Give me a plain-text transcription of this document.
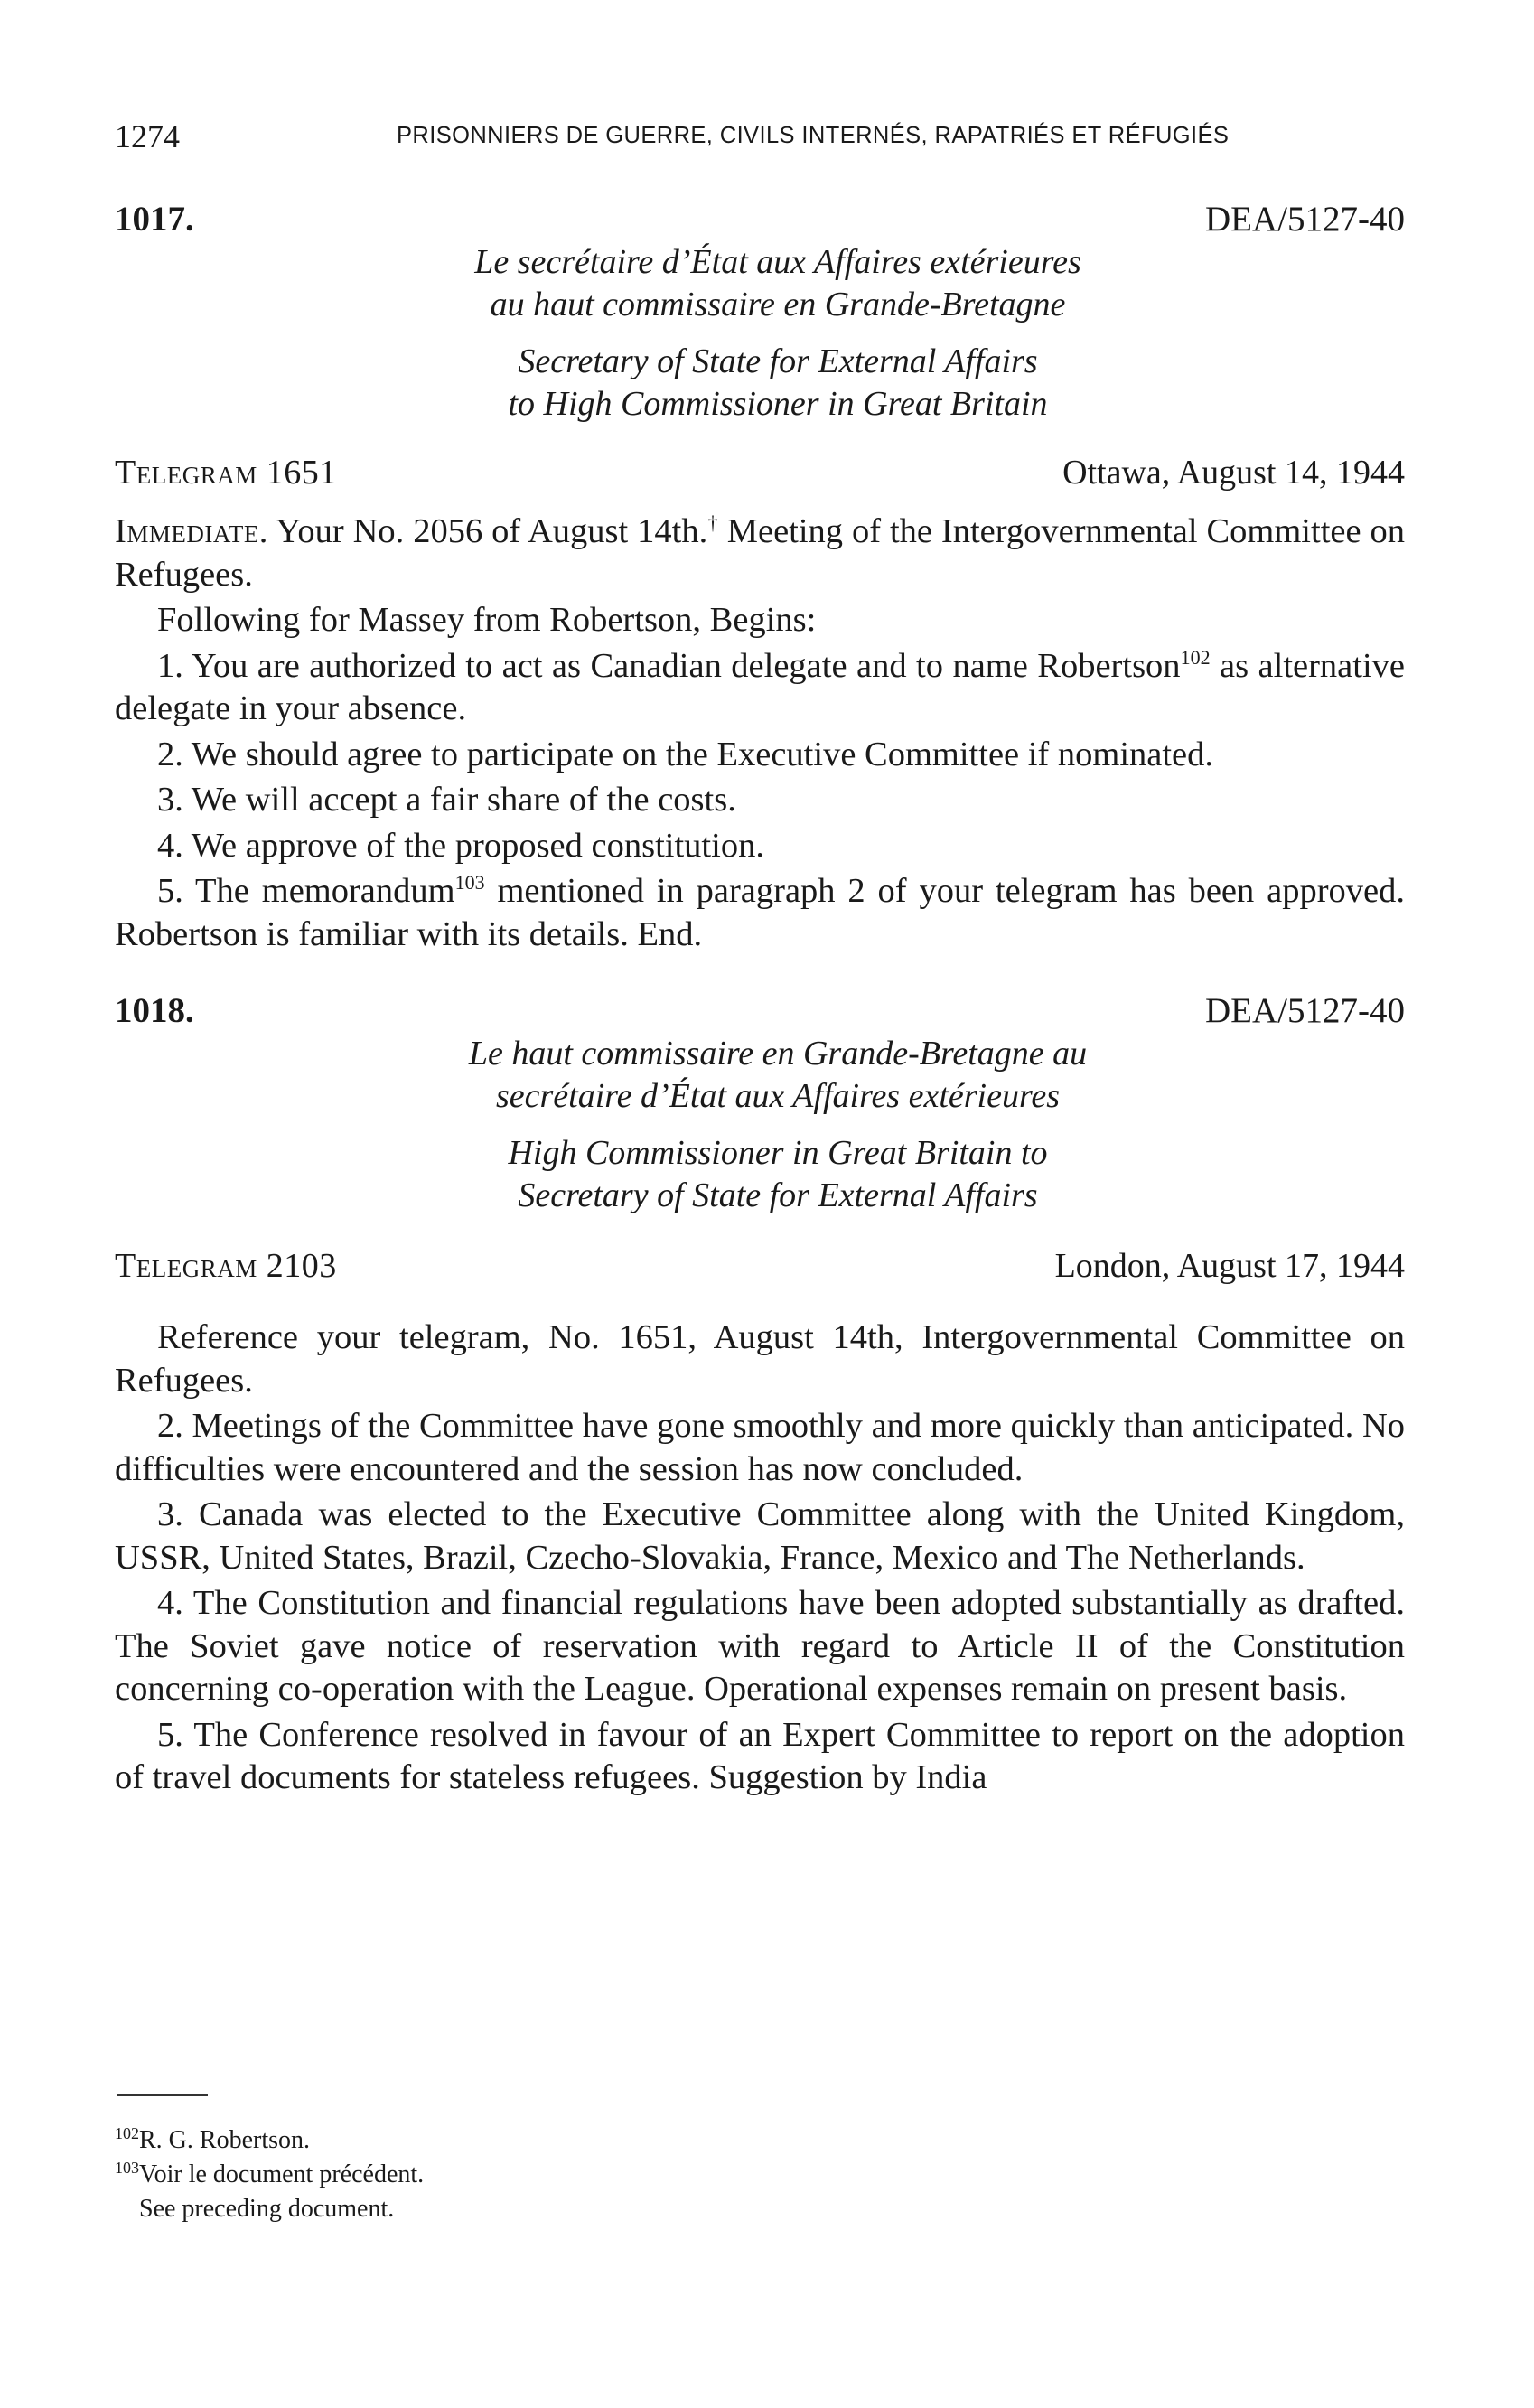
1274	PRISONNIERS DE GUERRE, CIVILS INTERNÉS, RAPATRIÉS ET RÉFUGIÉS
1017.	DEA/5127-40
Le secrétaire d’État aux Affaires extérieures
au haut commissaire en Grande-Bretagne
Secretary of State for External Affairs
to High Commissioner in Great Britain
Telegram 1651	Ottawa, August 14, 1944

Immediate. Your No. 2056 of August 14th.† Meeting of the Intergovernmental Committee on Refugees.

Following for Massey from Robertson, Begins:

1. You are authorized to act as Canadian delegate and to name Robertson$^{102}$ as alternative delegate in your absence.

2. We should agree to participate on the Executive Committee if nominated.

3. We will accept a fair share of the costs.

4. We approve of the proposed constitution.

5. The memorandum$^{103}$ mentioned in paragraph 2 of your telegram has been approved. Robertson is familiar with its details. End.

1018.	DEA/5127-40
Le haut commissaire en Grande-Bretagne au
secrétaire d’État aux Affaires extérieures
High Commissioner in Great Britain to
Secretary of State for External Affairs
Telegram 2103	London, August 17, 1944

Reference your telegram, No. 1651, August 14th, Intergovernmental Committee on Refugees.

2. Meetings of the Committee have gone smoothly and more quickly than anticipated. No difficulties were encountered and the session has now concluded.

3. Canada was elected to the Executive Committee along with the United Kingdom, USSR, United States, Brazil, Czecho-Slovakia, France, Mexico and The Netherlands.

4. The Constitution and financial regulations have been adopted substantially as drafted. The Soviet gave notice of reservation with regard to Article II of the Constitution concerning co-operation with the League. Operational expenses remain on present basis.

5. The Conference resolved in favour of an Expert Committee to report on the adoption of travel documents for stateless refugees. Suggestion by India

$^{102}$R. G. Robertson.
$^{103}$Voir le document précédent.
See preceding document.
